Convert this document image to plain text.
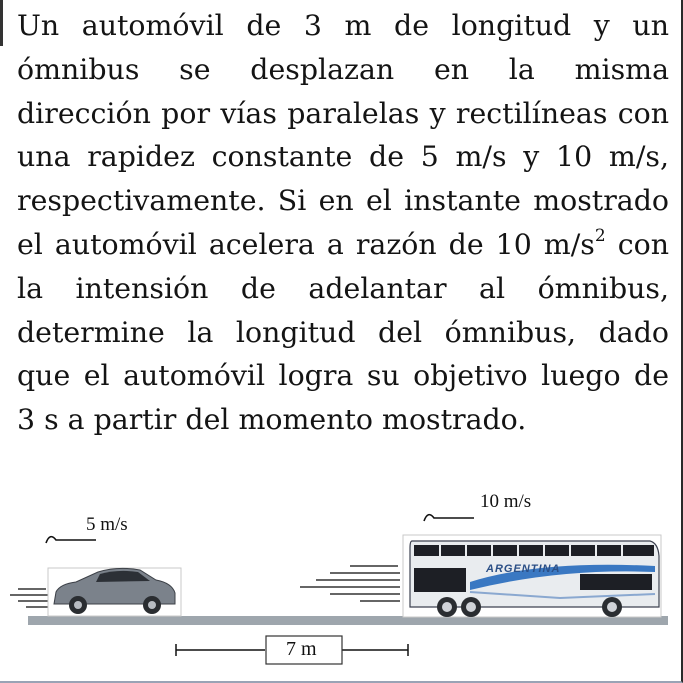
Un automóvil de 3 m de longitud y un
ómnibus se desplazan en la misma
dirección por vías paralelas y rectilíneas con
una rapidez constante de 5 m/s y 10 m/s,
respectivamente. Si en el instante mostrado
el automóvil acelera a razón de 10 $m/s^2$ con
la intensión de adelantar al ómnibus,
determine la longitud del ómnibus, dado
que el automóvil logra su objetivo luego de
3 s a partir del momento mostrado.
5 m/s
10 m/s
ARGENTINA
7 m
